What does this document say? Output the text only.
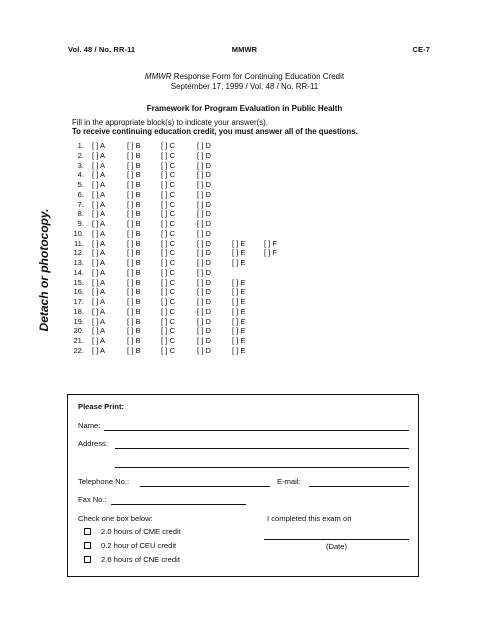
Vol. 48 / No. RR-11	MMWR	CE-7
MMWR Response Form for Continuing Education Credit
September 17, 1999 / Vol. 48 / No. RR-11
Framework for Program Evaluation in Public Health
Fill in the appropriate block(s) to indicate your answer(s).
To receive continuing education credit, you must answer all of the questions.
Detach or photocopy.
1. [ ] A	[ ] B	[ ] C	[ ] D
2. [ ] A	[ ] B	[ ] C	[ ] D
3. [ ] A	[ ] B	[ ] C	[ ] D
4. [ ] A	[ ] B	[ ] C	[ ] D
5. [ ] A	[ ] B	[ ] C	[ ] D
6. [ ] A	[ ] B	[ ] C	[ ] D
7. [ ] A	[ ] B	[ ] C	[ ] D
8. [ ] A	[ ] B	[ ] C	[ ] D
9. [ ] A	[ ] B	[ ] C	[ ] D
10. [ ] A	[ ] B	[ ] C	[ ] D
11. [ ] A	[ ] B	[ ] C	[ ] D	[ ] E [ ] F
12. [ ] A	[ ] B	[ ] C	[ ] D	[ ] E [ ] F
13. [ ] A	[ ] B	[ ] C	[ ] D	[ ] E
14. [ ] A	[ ] B	[ ] C	[ ] D
15. [ ] A	[ ] B	[ ] C	[ ] D	[ ] E
16. [ ] A	[ ] B	[ ] C	[ ] D	[ ] E
17. [ ] A	[ ] B	[ ] C	[ ] D	[ ] E
18. [ ] A	[ ] B	[ ] C	[ ] D	[ ] E
19. [ ] A	[ ] B	[ ] C	[ ] D	[ ] E
20. [ ] A	[ ] B	[ ] C	[ ] D	[ ] E
21. [ ] A	[ ] B	[ ] C	[ ] D	[ ] E
22. [ ] A	[ ] B	[ ] C	[ ] D	[ ] E
Please Print:
Name:
Address:
Telephone No.:	E-mail:
Fax No.:
Check one box below:
2.0 hours of CME credit
0.2 hour of CEU credit
2.6 hours of CNE credit
I completed this exam on
(Date)
